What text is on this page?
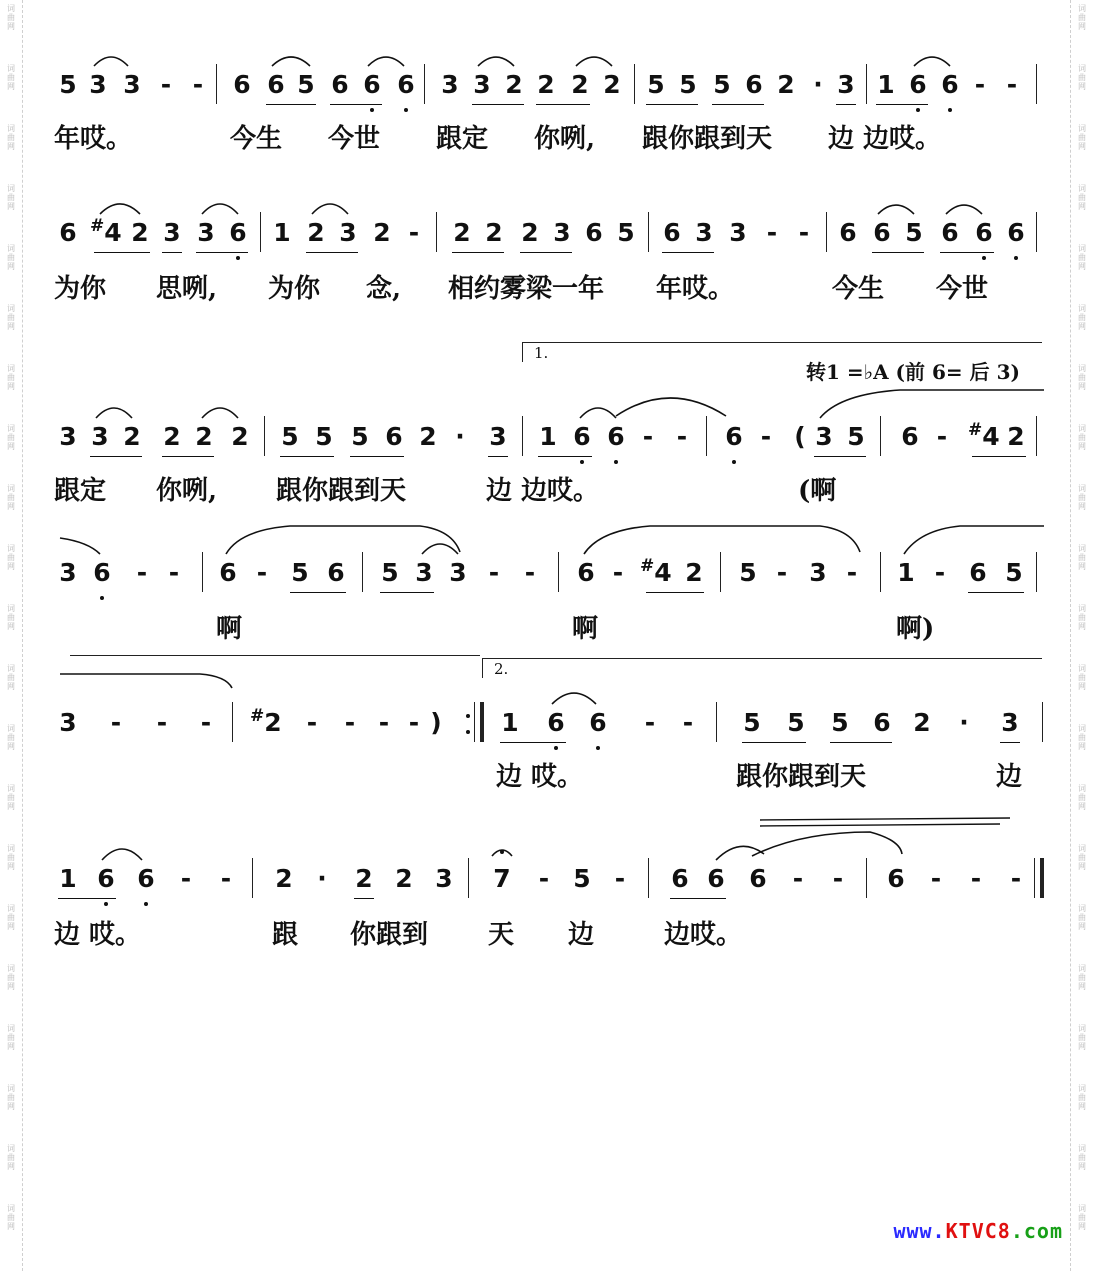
词
曲
网
词
曲
网
词
曲
网
词
曲
网
词
曲
网
词
曲
网
词
曲
网
词
曲
网
词
曲
网
词
曲
网
词
曲
网
词
曲
网
词
曲
网
词
曲
网
词
曲
网
词
曲
网
词
曲
网
词
曲
网
词
曲
网
词
曲
网
词
曲
网
词
曲
网
词
曲
网
词
曲
网
词
曲
网
词
曲
网
词
曲
网
词
曲
网
词
曲
网
词
曲
网
词
曲
网
词
曲
网
词
曲
网
词
曲
网
词
曲
网
词
曲
网
词
曲
网
词
曲
网
词
曲
网
词
曲
网
词
曲
网
词
曲
网
5 3 3 - - 6 6 5 6 6 6 3 3 2 2 2 2 5 5 5 6 2 · 3 1 6 6 - -
年哎。	今生 今世 跟定 你咧, 跟你跟到天 边 边哎。
6 #4 2 3 3 6 1 2 3 2 - 2 2 2 3 6 5 6 3 3 - - 6 6 5 6 6 6
为你 思咧, 为你 念, 相约雾梁一年 年哎。	今生 今世
1.
转1 =♭A (前 6= 后 3)
3 3 2 2 2 2 5 5 5 6 2 · 3 1 6 6 - - 6 - ( 3 5 6 - #4 2
跟定 你咧, 跟你跟到天	边 边哎。	(啊
3 6 - - 6 - 5 6 5 3 3 - - 6 - #4 2 5 - 3 - 1 - 6 5
啊	啊	啊)
2.
3 - - - #2 - - - - ) 1 6 6 - - 5 5 5 6 2 · 3
边 哎。	跟你跟到天	边
1 6 6 - - 2 · 2 2 3 7 - 5 - 6 6 6 - - 6 - - -
边 哎。	跟 你跟到 天 边	边哎。
www.KTVC8.com
